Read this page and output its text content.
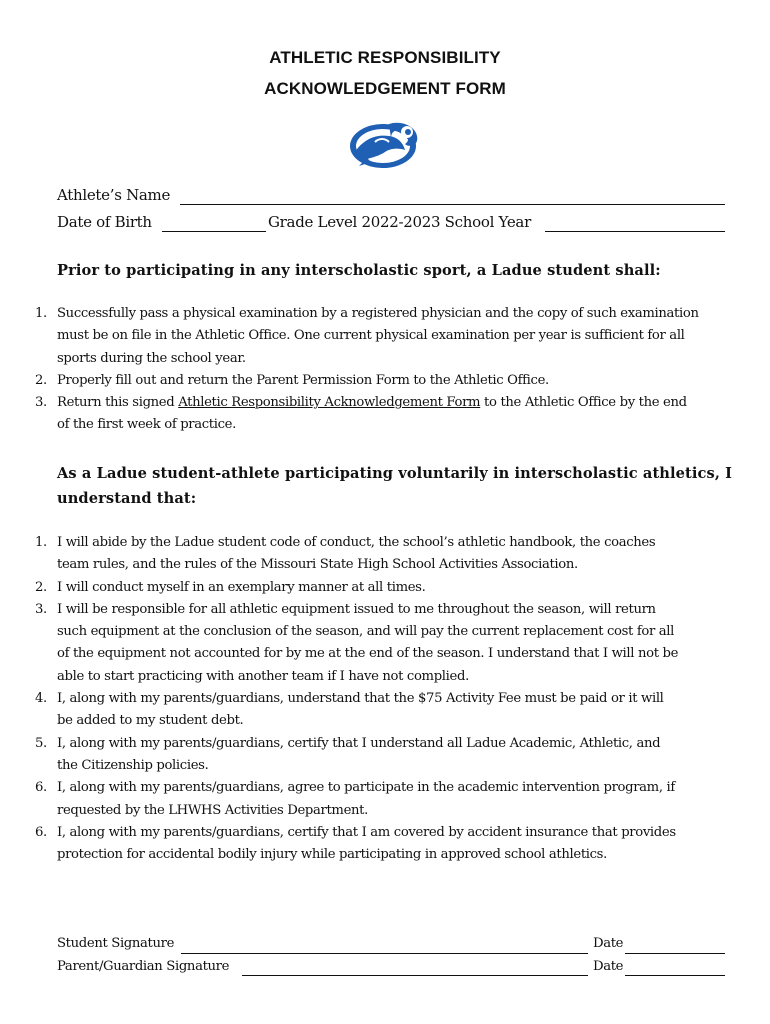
ATHLETIC RESPONSIBILITY
ACKNOWLEDGEMENT FORM
Athlete’s Name
Date of Birth	Grade Level 2022-2023 School Year
Prior to participating in any interscholastic sport, a Ladue student shall:
1. Successfully pass a physical examination by a registered physician and the copy of such examination must be on file in the Athletic Office. One current physical examination per year is sufficient for all sports during the school year.
2. Properly fill out and return the Parent Permission Form to the Athletic Office.
3. Return this signed Athletic Responsibility Acknowledgement Form to the Athletic Office by the end of the first week of practice.
As a Ladue student-athlete participating voluntarily in interscholastic athletics, I
understand that:
1. I will abide by the Ladue student code of conduct, the school’s athletic handbook, the coaches team rules, and the rules of the Missouri State High School Activities Association.
2. I will conduct myself in an exemplary manner at all times.
3. I will be responsible for all athletic equipment issued to me throughout the season, will return such equipment at the conclusion of the season, and will pay the current replacement cost for all of the equipment not accounted for by me at the end of the season. I understand that I will not be able to start practicing with another team if I have not complied.
4. I, along with my parents/guardians, understand that the $75 Activity Fee must be paid or it will be added to my student debt.
5. I, along with my parents/guardians, certify that I understand all Ladue Academic, Athletic, and the Citizenship policies.
6. I, along with my parents/guardians, agree to participate in the academic intervention program, if requested by the LHWHS Activities Department.
6. I, along with my parents/guardians, certify that I am covered by accident insurance that provides protection for accidental bodily injury while participating in approved school athletics.
Student Signature	Date
Parent/Guardian Signature	Date
